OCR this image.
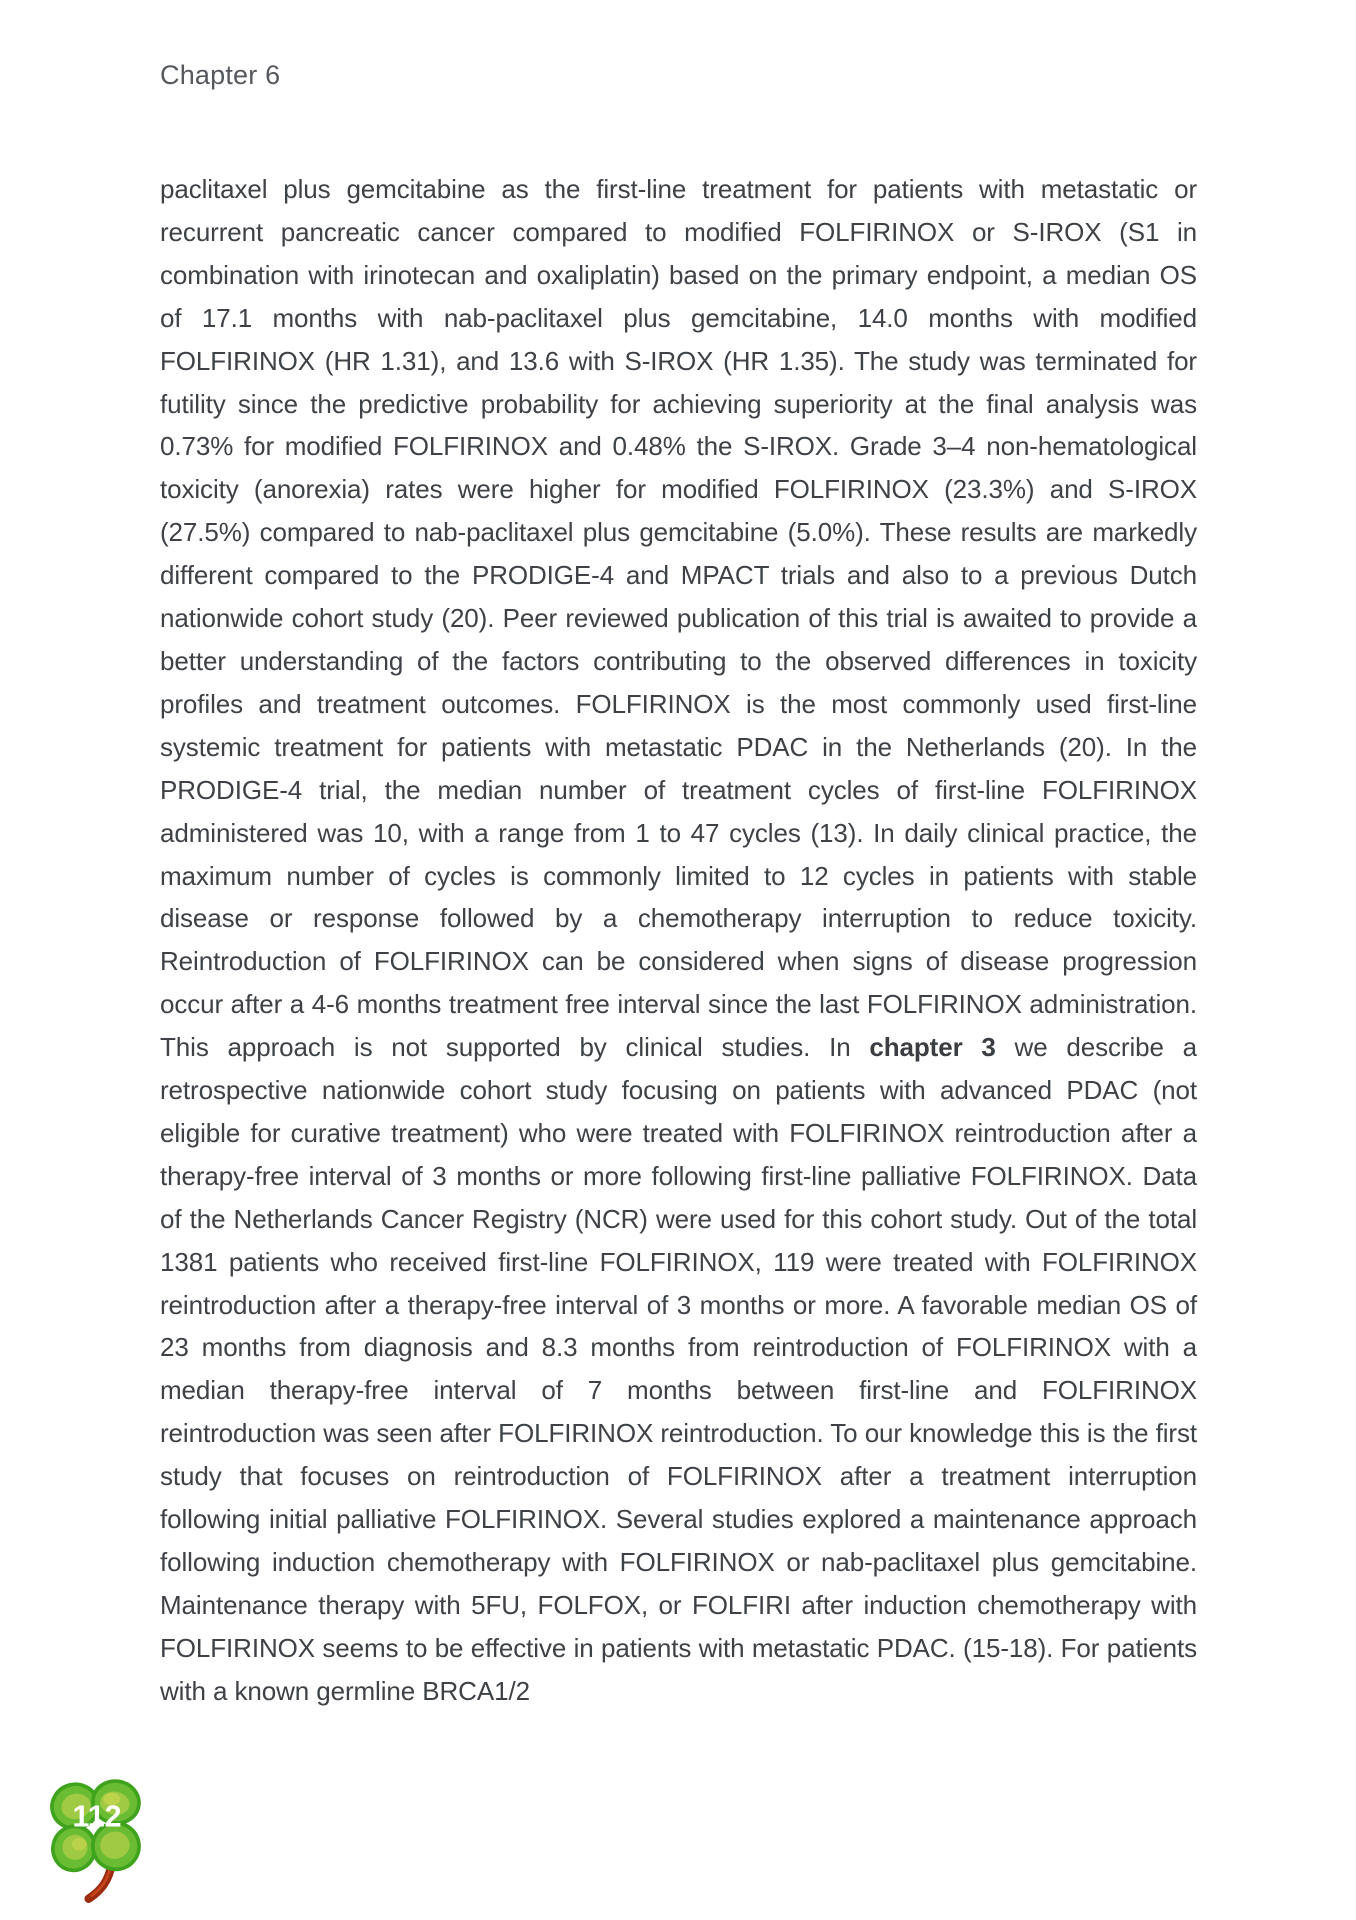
Chapter 6
paclitaxel plus gemcitabine as the first-line treatment for patients with metastatic or recurrent pancreatic cancer compared to modified FOLFIRINOX or S-IROX (S1 in combination with irinotecan and oxaliplatin) based on the primary endpoint, a median OS of 17.1 months with nab-paclitaxel plus gemcitabine, 14.0 months with modified FOLFIRINOX (HR 1.31), and 13.6 with S-IROX (HR 1.35). The study was terminated for futility since the predictive probability for achieving superiority at the final analysis was 0.73% for modified FOLFIRINOX and 0.48% the S-IROX. Grade 3–4 non-hematological toxicity (anorexia) rates were higher for modified FOLFIRINOX (23.3%) and S-IROX (27.5%) compared to nab-paclitaxel plus gemcitabine (5.0%). These results are markedly different compared to the PRODIGE-4 and MPACT trials and also to a previous Dutch nationwide cohort study (20). Peer reviewed publication of this trial is awaited to provide a better understanding of the factors contributing to the observed differences in toxicity profiles and treatment outcomes. FOLFIRINOX is the most commonly used first-line systemic treatment for patients with metastatic PDAC in the Netherlands (20). In the PRODIGE-4 trial, the median number of treatment cycles of first-line FOLFIRINOX administered was 10, with a range from 1 to 47 cycles (13). In daily clinical practice, the maximum number of cycles is commonly limited to 12 cycles in patients with stable disease or response followed by a chemotherapy interruption to reduce toxicity. Reintroduction of FOLFIRINOX can be considered when signs of disease progression occur after a 4-6 months treatment free interval since the last FOLFIRINOX administration. This approach is not supported by clinical studies. In chapter 3 we describe a retrospective nationwide cohort study focusing on patients with advanced PDAC (not eligible for curative treatment) who were treated with FOLFIRINOX reintroduction after a therapy-free interval of 3 months or more following first-line palliative FOLFIRINOX. Data of the Netherlands Cancer Registry (NCR) were used for this cohort study. Out of the total 1381 patients who received first-line FOLFIRINOX, 119 were treated with FOLFIRINOX reintroduction after a therapy-free interval of 3 months or more. A favorable median OS of 23 months from diagnosis and 8.3 months from reintroduction of FOLFIRINOX with a median therapy-free interval of 7 months between first-line and FOLFIRINOX reintroduction was seen after FOLFIRINOX reintroduction. To our knowledge this is the first study that focuses on reintroduction of FOLFIRINOX after a treatment interruption following initial palliative FOLFIRINOX. Several studies explored a maintenance approach following induction chemotherapy with FOLFIRINOX or nab-paclitaxel plus gemcitabine. Maintenance therapy with 5FU, FOLFOX, or FOLFIRI after induction chemotherapy with FOLFIRINOX seems to be effective in patients with metastatic PDAC. (15-18). For patients with a known germline BRCA1/2
112
